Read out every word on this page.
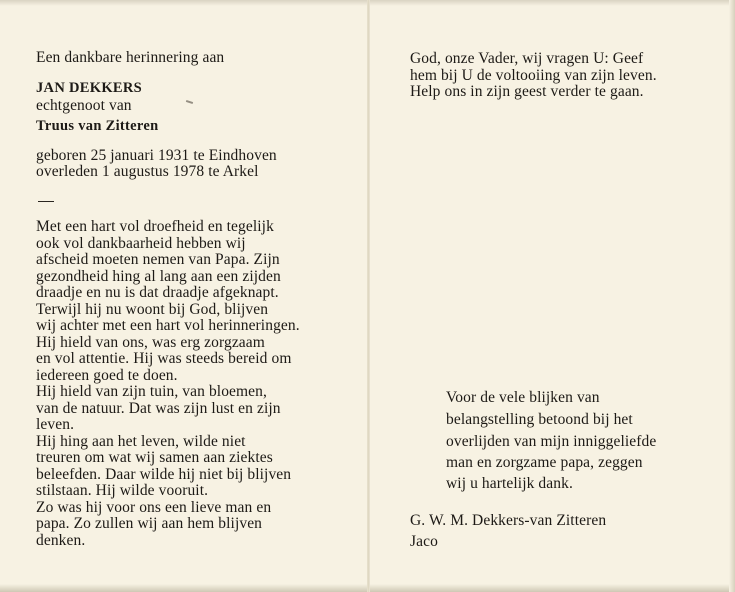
Een dankbare herinnering aan
JAN DEKKERS
echtgenoot van
Truus van Zitteren
geboren 25 januari 1931 te Eindhoven
overleden 1 augustus 1978 te Arkel
Met een hart vol droefheid en tegelijk
ook vol dankbaarheid hebben wij
afscheid moeten nemen van Papa. Zijn
gezondheid hing al lang aan een zijden
draadje en nu is dat draadje afgeknapt.
Terwijl hij nu woont bij God, blijven
wij achter met een hart vol herinneringen.
Hij hield van ons, was erg zorgzaam
en vol attentie. Hij was steeds bereid om
iedereen goed te doen.
Hij hield van zijn tuin, van bloemen,
van de natuur. Dat was zijn lust en zijn
leven.
Hij hing aan het leven, wilde niet
treuren om wat wij samen aan ziektes
beleefden. Daar wilde hij niet bij blijven
stilstaan. Hij wilde vooruit.
Zo was hij voor ons een lieve man en
papa. Zo zullen wij aan hem blijven
denken.
God, onze Vader, wij vragen U: Geef
hem bij U de voltooiing van zijn leven.
Help ons in zijn geest verder te gaan.
Voor de vele blijken van
belangstelling betoond bij het
overlijden van mijn inniggeliefde
man en zorgzame papa, zeggen
wij u hartelijk dank.
G. W. M. Dekkers-van Zitteren
Jaco
